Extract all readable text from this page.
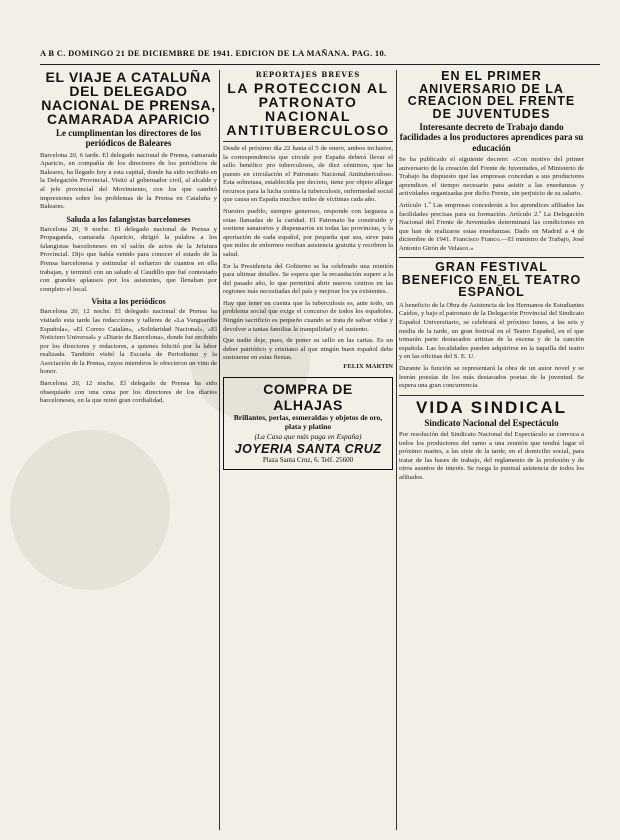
A B C. DOMINGO 21 DE DICIEMBRE DE 1941. EDICION DE LA MAÑANA. PAG. 10.
EL VIAJE A CATALUÑA DEL DELEGADO NACIONAL DE PRENSA, CAMARADA APARICIO
Le cumplimentan los directores de los periódicos de Baleares

Barcelona 20, 6 tarde. El delegado nacional de Prensa, camarada Aparicio, en compañía de los directores de los periódicos de Baleares, ha llegado hoy a esta capital, donde ha sido recibido en la Delegación Provincial. Visitó al gobernador civil, al alcalde y al jefe provincial del Movimiento, con los que cambió impresiones sobre los problemas de la Prensa en Cataluña y Baleares.

Saluda a los falangistas barceloneses

Barcelona 20, 9 noche. El delegado nacional de Prensa y Propaganda, camarada Aparicio, dirigió la palabra a los falangistas barceloneses en el salón de actos de la Jefatura Provincial. Dijo que había venido para conocer el estado de la Prensa barcelonesa y estimular el esfuerzo de cuantos en ella trabajan, y terminó con un saludo al Caudillo que fué contestado con grandes aplausos por los asistentes, que llenaban por completo el local.

Visita a los periódicos

Barcelona 20, 12 noche. El delegado nacional de Prensa ha visitado esta tarde las redacciones y talleres de «La Vanguardia Española», «El Correo Catalán», «Solidaridad Nacional», «El Noticiero Universal» y «Diario de Barcelona», donde fué recibido por los directores y redactores, a quienes felicitó por la labor realizada. También visitó la Escuela de Periodismo y la Asociación de la Prensa, cuyos miembros le ofrecieron un vino de honor.

Barcelona 20, 12 noche. El delegado de Prensa ha sido obsequiado con una cena por los directores de los diarios barceloneses, en la que reinó gran cordialidad.

REPORTAJES BREVES
LA PROTECCION AL PATRONATO NACIONAL ANTITUBERCULOSO

Desde el próximo día 22 hasta el 5 de enero, ambos inclusive, la correspondencia que circule por España deberá llevar el sello benéfico pro tuberculosos, de diez céntimos, que ha puesto en circulación el Patronato Nacional Antituberculoso. Esta sobretasa, establecida por decreto, tiene por objeto allegar recursos para la lucha contra la tuberculosis, enfermedad social que causa en España muchos miles de víctimas cada año.

Nuestro pueblo, siempre generoso, responde con largueza a estas llamadas de la caridad. El Patronato ha construido y sostiene sanatorios y dispensarios en todas las provincias, y la aportación de cada español, por pequeña que sea, sirve para que miles de enfermos reciban asistencia gratuita y recobren la salud.

En la Presidencia del Gobierno se ha celebrado una reunión para ultimar detalles. Se espera que la recaudación supere a la del pasado año, lo que permitirá abrir nuevos centros en las regiones más necesitadas del país y mejorar los ya existentes.

Hay que tener en cuenta que la tuberculosis es, ante todo, un problema social que exige el concurso de todos los españoles. Ningún sacrificio es pequeño cuando se trata de salvar vidas y devolver a tantas familias la tranquilidad y el sustento.

Que nadie deje, pues, de poner su sello en las cartas. Es un deber patriótico y cristiano al que ningún buen español debe sustraerse en estas fiestas.

FELIX MARTIN
COMPRA DE ALHAJAS
Brillantes, perlas, esmeraldas y objetos de oro, plata y platino
(La Casa que más paga en España)
JOYERIA SANTA CRUZ
Plaza Santa Cruz, 6. Telf. 25600
EN EL PRIMER ANIVERSARIO DE LA CREACION DEL FRENTE DE JUVENTUDES
Interesante decreto de Trabajo dando facilidades a los productores aprendices para su educación

Se ha publicado el siguiente decreto: «Con motivo del primer aniversario de la creación del Frente de Juventudes, el Ministerio de Trabajo ha dispuesto que las empresas concedan a sus productores aprendices el tiempo necesario para asistir a las enseñanzas y actividades organizadas por dicho Frente, sin perjuicio de su salario.

Artículo 1.º Las empresas concederán a los aprendices afiliados las facilidades precisas para su formación. Artículo 2.º La Delegación Nacional del Frente de Juventudes determinará las condiciones en que han de realizarse estas enseñanzas. Dado en Madrid a 4 de diciembre de 1941. Francisco Franco.—El ministro de Trabajo, José Antonio Girón de Velasco.»

GRAN FESTIVAL BENEFICO EN EL TEATRO ESPAÑOL

A beneficio de la Obra de Asistencia de los Hermanos de Estudiantes Caídos, y bajo el patronato de la Delegación Provincial del Sindicato Español Universitario, se celebrará el próximo lunes, a las seis y media de la tarde, un gran festival en el Teatro Español, en el que tomarán parte destacados artistas de la escena y de la canción española. Las localidades pueden adquirirse en la taquilla del teatro y en las oficinas del S. E. U.

Durante la función se representará la obra de un autor novel y se leerán poesías de los más destacados poetas de la juventud. Se espera una gran concurrencia.

VIDA SINDICAL
Sindicato Nacional del Espectáculo

Por resolución del Sindicato Nacional del Espectáculo se convoca a todos los productores del ramo a una reunión que tendrá lugar el próximo martes, a las siete de la tarde, en el domicilio social, para tratar de las bases de trabajo, del reglamento de la profesión y de otros asuntos de interés. Se ruega la puntual asistencia de todos los afiliados.
